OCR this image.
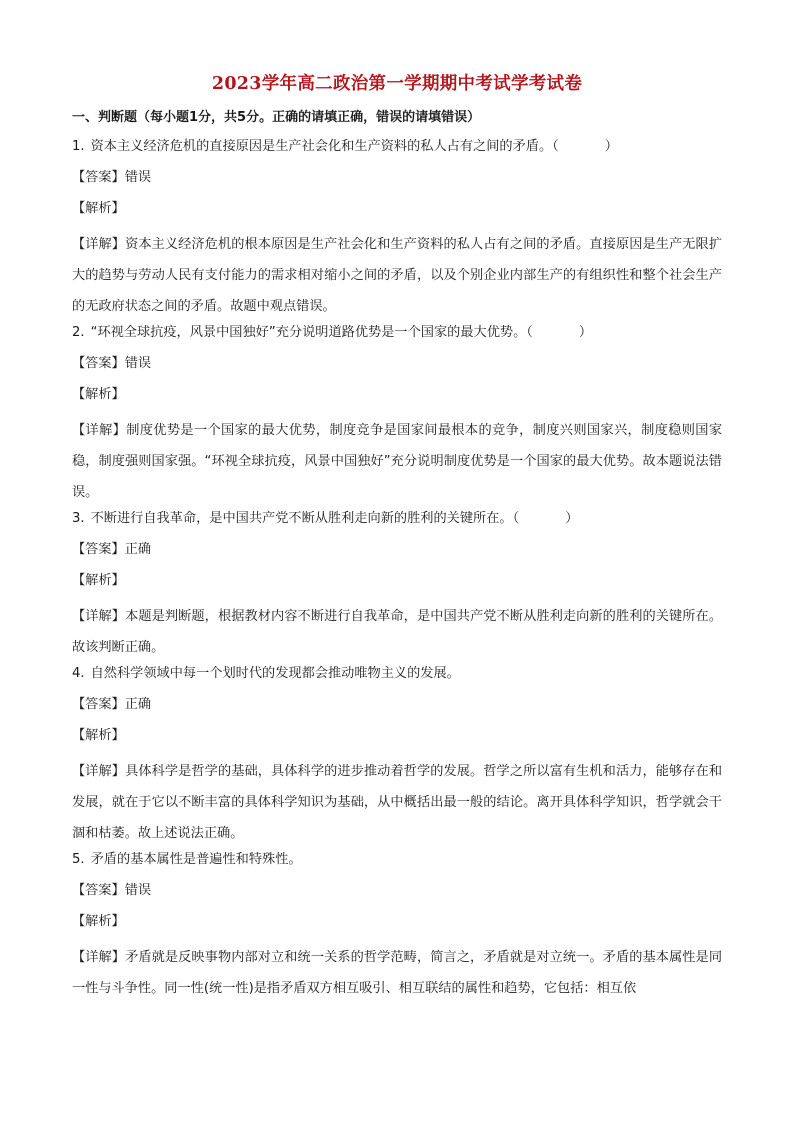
2023学年高二政治第一学期期中考试学考试卷
一、判断题（每小题1分，共5分。正确的请填正确，错误的请填错误）
1. 资本主义经济危机的直接原因是生产社会化和生产资料的私人占有之间的矛盾。（	）
【答案】错误
【解析】
【详解】资本主义经济危机的根本原因是生产社会化和生产资料的私人占有之间的矛盾。直接原因是生产无限扩大的趋势与劳动人民有支付能力的需求相对缩小之间的矛盾，以及个别企业内部生产的有组织性和整个社会生产的无政府状态之间的矛盾。故题中观点错误。
2. “环视全球抗疫，风景中国独好”充分说明道路优势是一个国家的最大优势。（	）
【答案】错误
【解析】
【详解】制度优势是一个国家的最大优势，制度竞争是国家间最根本的竞争，制度兴则国家兴，制度稳则国家稳，制度强则国家强。“环视全球抗疫，风景中国独好”充分说明制度优势是一个国家的最大优势。故本题说法错误。
3. 不断进行自我革命，是中国共产党不断从胜利走向新的胜利的关键所在。（	）
【答案】正确
【解析】
【详解】本题是判断题，根据教材内容不断进行自我革命，是中国共产党不断从胜利走向新的胜利的关键所在。故该判断正确。
4. 自然科学领域中每一个划时代的发现都会推动唯物主义的发展。
【答案】正确
【解析】
【详解】具体科学是哲学的基础，具体科学的进步推动着哲学的发展。哲学之所以富有生机和活力，能够存在和发展，就在于它以不断丰富的具体科学知识为基础，从中概括出最一般的结论。离开具体科学知识，哲学就会干涸和枯萎。故上述说法正确。
5. 矛盾的基本属性是普遍性和特殊性。
【答案】错误
【解析】
【详解】矛盾就是反映事物内部对立和统一关系的哲学范畴，简言之，矛盾就是对立统一。矛盾的基本属性是同一性与斗争性。同一性(统一性)是指矛盾双方相互吸引、相互联结的属性和趋势，它包括：相互依
